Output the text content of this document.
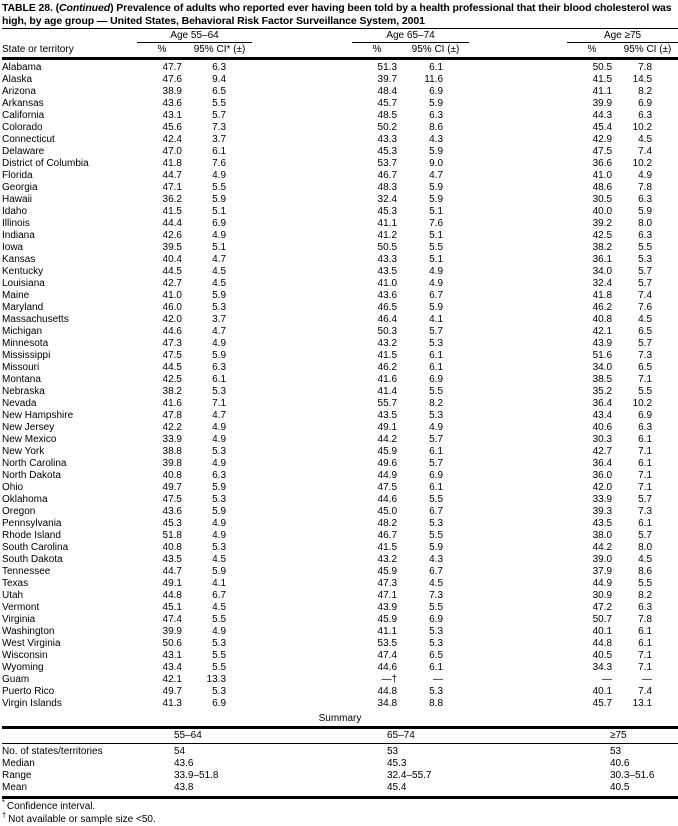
TABLE 28. (Continued) Prevalence of adults who reported ever having been told by a health professional that their blood cholesterol was high, by age group — United States, Behavioral Risk Factor Surveillance System, 2001
	Age 55–64			Age 65–74			Age ≥75	
State or territory	%	95% CI* (±)		%	95% CI (±)		%	95% CI (±)
Alabama	47.7	6.3		51.3	6.1		50.5	7.8
Alaska	47.6	9.4		39.7	11.6		41.5	14.5
Arizona	38.9	6.5		48.4	6.9		41.1	8.2
Arkansas	43.6	5.5		45.7	5.9		39.9	6.9
California	43.1	5.7		48.5	6.3		44.3	6.3
Colorado	45.6	7.3		50.2	8.6		45.4	10.2
Connecticut	42.4	3.7		43.3	4.3		42.9	4.5
Delaware	47.0	6.1		45.3	5.9		47.5	7.4
District of Columbia	41.8	7.6		53.7	9.0		36.6	10.2
Florida	44.7	4.9		46.7	4.7		41.0	4.9
Georgia	47.1	5.5		48.3	5.9		48.6	7.8
Hawaii	36.2	5.9		32.4	5.9		30.5	6.3
Idaho	41.5	5.1		45.3	5.1		40.0	5.9
Illinois	44.4	6.9		41.1	7.6		39.2	8.0
Indiana	42.6	4.9		41.2	5.1		42.5	6.3
Iowa	39.5	5.1		50.5	5.5		38.2	5.5
Kansas	40.4	4.7		43.3	5.1		36.1	5.3
Kentucky	44.5	4.5		43.5	4.9		34.0	5.7
Louisiana	42.7	4.5		41.0	4.9		32.4	5.7
Maine	41.0	5.9		43.6	6.7		41.8	7.4
Maryland	46.0	5.3		46.5	5.9		46.2	7.6
Massachusetts	42.0	3.7		46.4	4.1		40.8	4.5
Michigan	44.6	4.7		50.3	5.7		42.1	6.5
Minnesota	47.3	4.9		43.2	5.3		43.9	5.7
Mississippi	47.5	5.9		41.5	6.1		51.6	7.3
Missouri	44.5	6.3		46.2	6.1		34.0	6.5
Montana	42.5	6.1		41.6	6.9		38.5	7.1
Nebraska	38.2	5.3		41.4	5.5		35.2	5.5
Nevada	41.6	7.1		55.7	8.2		36.4	10.2
New Hampshire	47.8	4.7		43.5	5.3		43.4	6.9
New Jersey	42.2	4.9		49.1	4.9		40.6	6.3
New Mexico	33.9	4.9		44.2	5.7		30.3	6.1
New York	38.8	5.3		45.9	6.1		42.7	7.1
North Carolina	39.8	4.9		49.6	5.7		36.4	6.1
North Dakota	40.8	6.3		44.9	6.9		36.0	7.1
Ohio	49.7	5.9		47.5	6.1		42.0	7.1
Oklahoma	47.5	5.3		44.6	5.5		33.9	5.7
Oregon	43.6	5.9		45.0	6.7		39.3	7.3
Pennsylvania	45.3	4.9		48.2	5.3		43.5	6.1
Rhode Island	51.8	4.9		46.7	5.5		38.0	5.7
South Carolina	40.8	5.3		41.5	5.9		44.2	8.0
South Dakota	43.5	4.5		43.2	4.3		39.0	4.5
Tennessee	44.7	5.9		45.9	6.7		37.9	8.6
Texas	49.1	4.1		47.3	4.5		44.9	5.5
Utah	44.8	6.7		47.1	7.3		30.9	8.2
Vermont	45.1	4.5		43.9	5.5		47.2	6.3
Virginia	47.4	5.5		45.9	6.9		50.7	7.8
Washington	39.9	4.9		41.1	5.3		40.1	6.1
West Virginia	50.6	5.3		53.5	5.3		44.8	6.1
Wisconsin	43.1	5.5		47.4	6.5		40.5	7.1
Wyoming	43.4	5.5		44.6	6.1		34.3	7.1
Guam	42.1	13.3		—†	—		—	—
Puerto Rico	49.7	5.3		44.8	5.3		40.1	7.4
Virgin Islands	41.3	6.9		34.8	8.8		45.7	13.1
Summary
	55–64	65–74	≥75
No. of states/territories	54	53	53
Median	43.6	45.3	40.6
Range	33.9–51.8	32.4–55.7	30.3–51.6
Mean	43.8	45.4	40.5
* Confidence interval.
† Not available or sample size <50.
